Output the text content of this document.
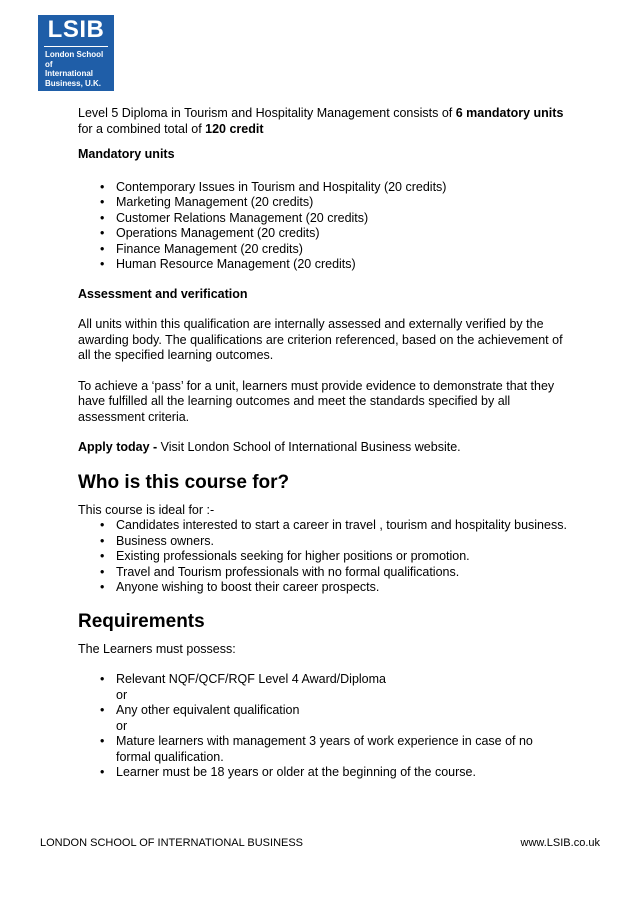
LSIB
London School of
International
Business, U.K.

Level 5 Diploma in Tourism and Hospitality Management consists of 6 mandatory units for a combined total of 120 credit

Mandatory units

• Contemporary Issues in Tourism and Hospitality (20 credits)
• Marketing Management (20 credits)
• Customer Relations Management (20 credits)
• Operations Management (20 credits)
• Finance Management (20 credits)
• Human Resource Management (20 credits)

Assessment and verification

All units within this qualification are internally assessed and externally verified by the awarding body. The qualifications are criterion referenced, based on the achievement of all the specified learning outcomes.

To achieve a ‘pass’ for a unit, learners must provide evidence to demonstrate that they have fulfilled all the learning outcomes and meet the standards specified by all assessment criteria.

Apply today - Visit London School of International Business website.

Who is this course for?

This course is ideal for :-

• Candidates interested to start a career in travel , tourism and hospitality business.
• Business owners.
• Existing professionals seeking for higher positions or promotion.
• Travel and Tourism professionals with no formal qualifications.
• Anyone wishing to boost their career prospects.

Requirements

The Learners must possess:

• Relevant NQF/QCF/RQF Level 4 Award/Diploma
or
• Any other equivalent qualification
or
• Mature learners with management 3 years of work experience in case of no formal qualification.
• Learner must be 18 years or older at the beginning of the course.
LONDON SCHOOL OF INTERNATIONAL BUSINESS	www.LSIB.co.uk
